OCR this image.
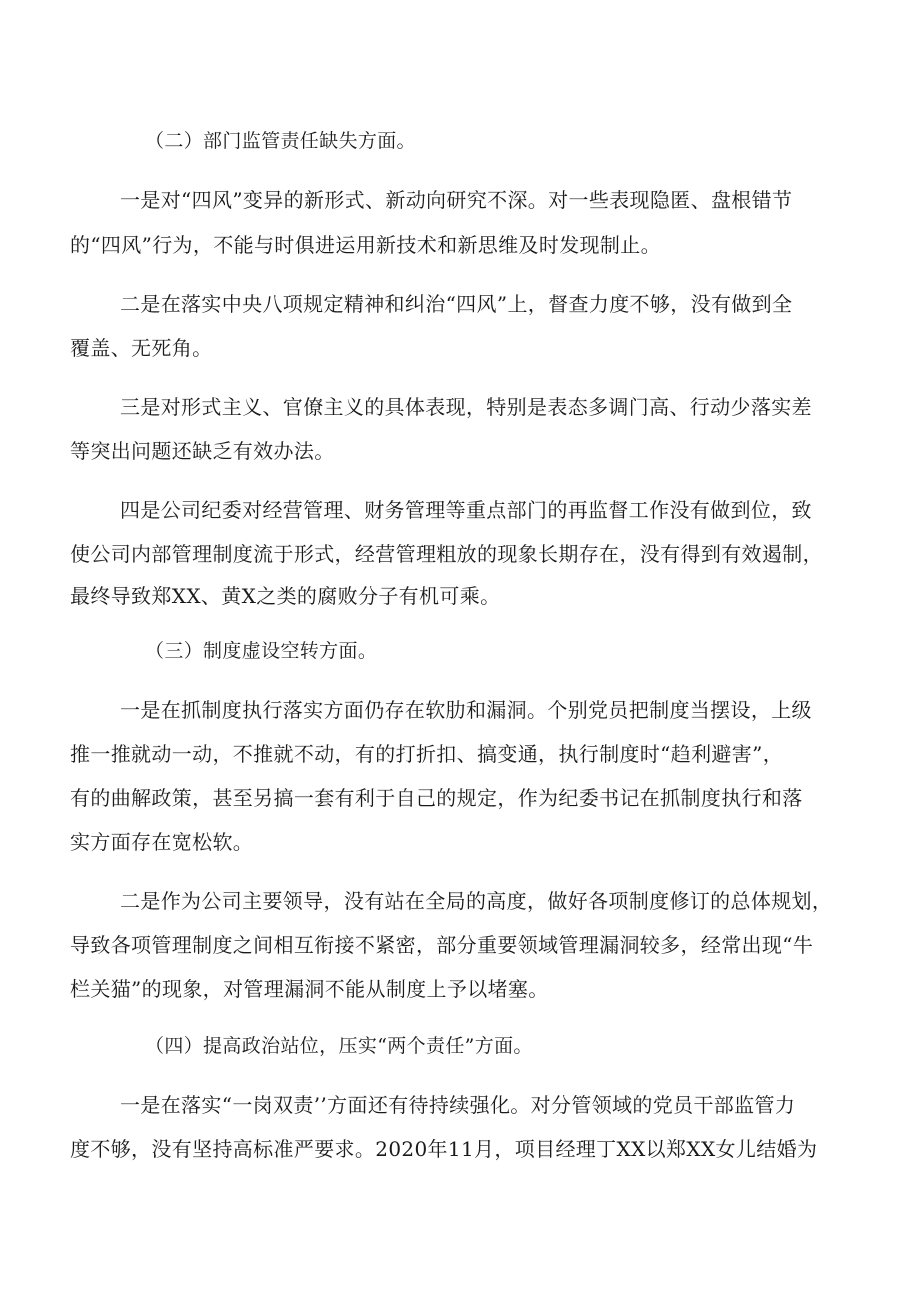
（二）部门监管责任缺失方面。
一是对“四风”变异的新形式、新动向研究不深。对一些表现隐匿、盘根错节
的“四风”行为，不能与时俱进运用新技术和新思维及时发现制止。
二是在落实中央八项规定精神和纠治“四风”上，督查力度不够，没有做到全
覆盖、无死角。
三是对形式主义、官僚主义的具体表现，特别是表态多调门高、行动少落实差
等突出问题还缺乏有效办法。
四是公司纪委对经营管理、财务管理等重点部门的再监督工作没有做到位，致
使公司内部管理制度流于形式，经营管理粗放的现象长期存在，没有得到有效遏制，
最终导致郑XX、黄X之类的腐败分子有机可乘。
（三）制度虚设空转方面。
一是在抓制度执行落实方面仍存在软肋和漏洞。个别党员把制度当摆设，上级
推一推就动一动，不推就不动，有的打折扣、搞变通，执行制度时“趋利避害”，
有的曲解政策，甚至另搞一套有利于自己的规定，作为纪委书记在抓制度执行和落
实方面存在宽松软。
二是作为公司主要领导，没有站在全局的高度，做好各项制度修订的总体规划，
导致各项管理制度之间相互衔接不紧密，部分重要领域管理漏洞较多，经常出现“牛
栏关猫”的现象，对管理漏洞不能从制度上予以堵塞。
（四）提高政治站位，压实“两个责任”方面。
一是在落实“一岗双责’’方面还有待持续强化。对分管领域的党员干部监管力
度不够，没有坚持高标准严要求。2020年11月，项目经理丁XX以郑XX女儿结婚为
